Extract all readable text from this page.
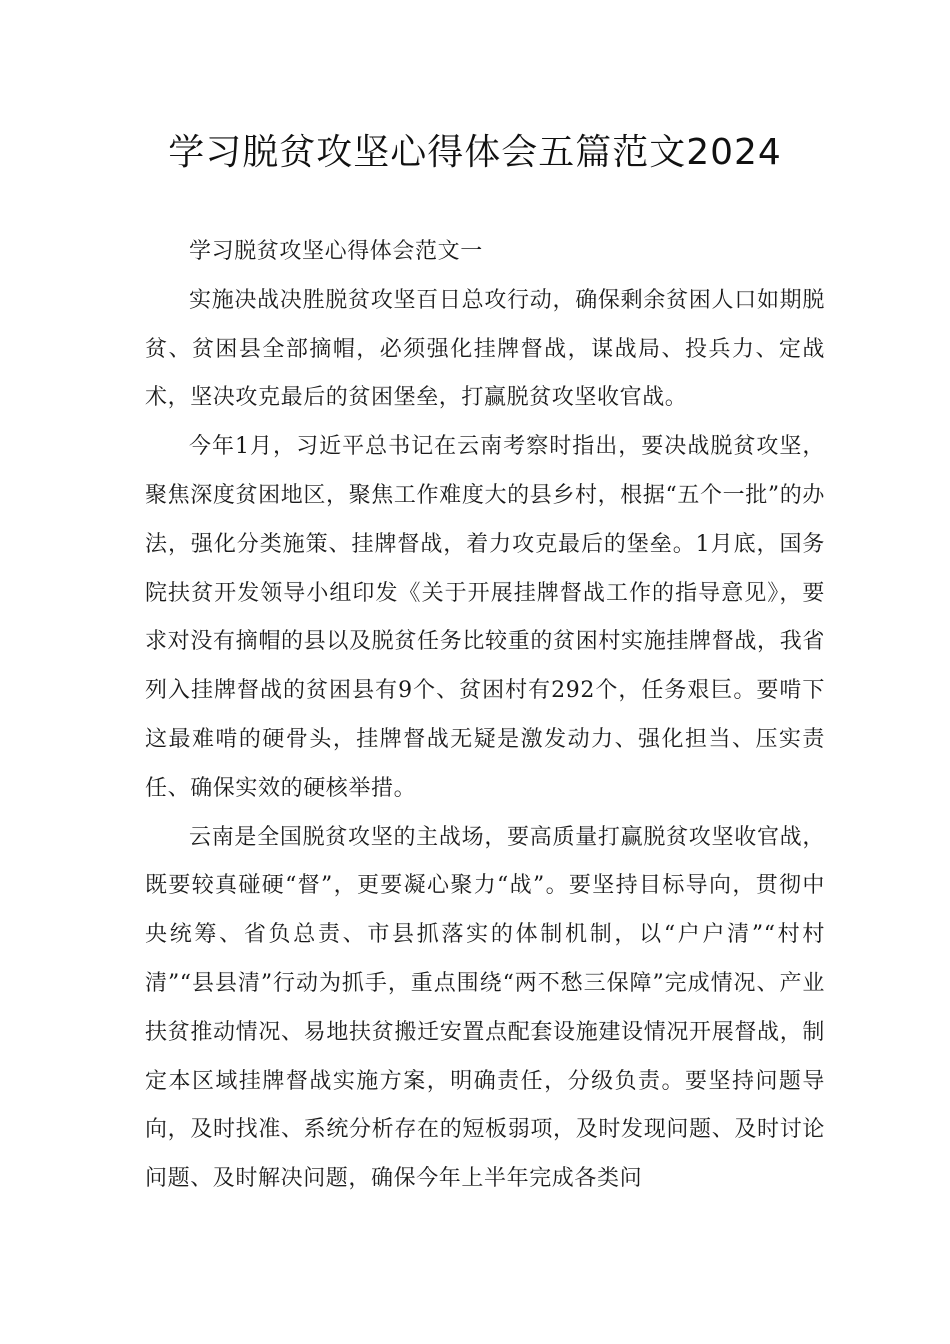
学习脱贫攻坚心得体会五篇范文2024

学习脱贫攻坚心得体会范文一

实施决战决胜脱贫攻坚百日总攻行动，确保剩余贫困人口如期脱贫、贫困县全部摘帽，必须强化挂牌督战，谋战局、投兵力、定战术，坚决攻克最后的贫困堡垒，打赢脱贫攻坚收官战。

今年1月，习近平总书记在云南考察时指出，要决战脱贫攻坚，聚焦深度贫困地区，聚焦工作难度大的县乡村，根据“五个一批”的办法，强化分类施策、挂牌督战，着力攻克最后的堡垒。1月底，国务院扶贫开发领导小组印发《关于开展挂牌督战工作的指导意见》，要求对没有摘帽的县以及脱贫任务比较重的贫困村实施挂牌督战，我省列入挂牌督战的贫困县有9个、贫困村有292个，任务艰巨。要啃下这最难啃的硬骨头，挂牌督战无疑是激发动力、强化担当、压实责任、确保实效的硬核举措。

云南是全国脱贫攻坚的主战场，要高质量打赢脱贫攻坚收官战，既要较真碰硬“督”，更要凝心聚力“战”。要坚持目标导向，贯彻中央统筹、省负总责、市县抓落实的体制机制，以“户户清”“村村清”“县县清”行动为抓手，重点围绕“两不愁三保障”完成情况、产业扶贫推动情况、易地扶贫搬迁安置点配套设施建设情况开展督战，制定本区域挂牌督战实施方案，明确责任，分级负责。要坚持问题导向，及时找准、系统分析存在的短板弱项，及时发现问题、及时讨论问题、及时解决问题，确保今年上半年完成各类问
